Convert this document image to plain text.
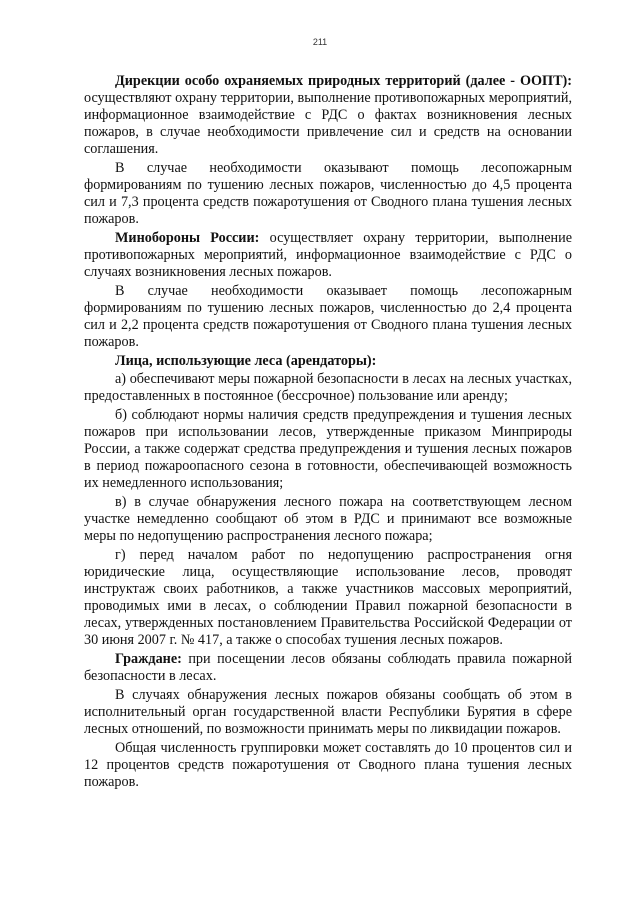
211

Дирекции особо охраняемых природных территорий (далее - ООПТ): осуществляют охрану территории, выполнение противопожарных мероприятий, информационное взаимодействие с РДС о фактах возникновения лесных пожаров, в случае необходимости привлечение сил и средств на основании соглашения.

В случае необходимости оказывают помощь лесопожарным формированиям по тушению лесных пожаров, численностью до 4,5 процента сил и 7,3 процента средств пожаротушения от Сводного плана тушения лесных пожаров.

Минобороны России: осуществляет охрану территории, выполнение противопожарных мероприятий, информационное взаимодействие с РДС о случаях возникновения лесных пожаров.

В случае необходимости оказывает помощь лесопожарным формированиям по тушению лесных пожаров, численностью до 2,4 процента сил и 2,2 процента средств пожаротушения от Сводного плана тушения лесных пожаров.

Лица, использующие леса (арендаторы):

а) обеспечивают меры пожарной безопасности в лесах на лесных участках, предоставленных в постоянное (бессрочное) пользование или аренду;

б) соблюдают нормы наличия средств предупреждения и тушения лесных пожаров при использовании лесов, утвержденные приказом Минприроды России, а также содержат средства предупреждения и тушения лесных пожаров в период пожароопасного сезона в готовности, обеспечивающей возможность их немедленного использования;

в) в случае обнаружения лесного пожара на соответствующем лесном участке немедленно сообщают об этом в РДС и принимают все возможные меры по недопущению распространения лесного пожара;

г) перед началом работ по недопущению распространения огня юридические лица, осуществляющие использование лесов, проводят инструктаж своих работников, а также участников массовых мероприятий, проводимых ими в лесах, о соблюдении Правил пожарной безопасности в лесах, утвержденных постановлением Правительства Российской Федерации от 30 июня 2007 г. № 417, а также о способах тушения лесных пожаров.

Граждане: при посещении лесов обязаны соблюдать правила пожарной безопасности в лесах.

В случаях обнаружения лесных пожаров обязаны сообщать об этом в исполнительный орган государственной власти Республики Бурятия в сфере лесных отношений, по возможности принимать меры по ликвидации пожаров.

Общая численность группировки может составлять до 10 процентов сил и 12 процентов средств пожаротушения от Сводного плана тушения лесных пожаров.
